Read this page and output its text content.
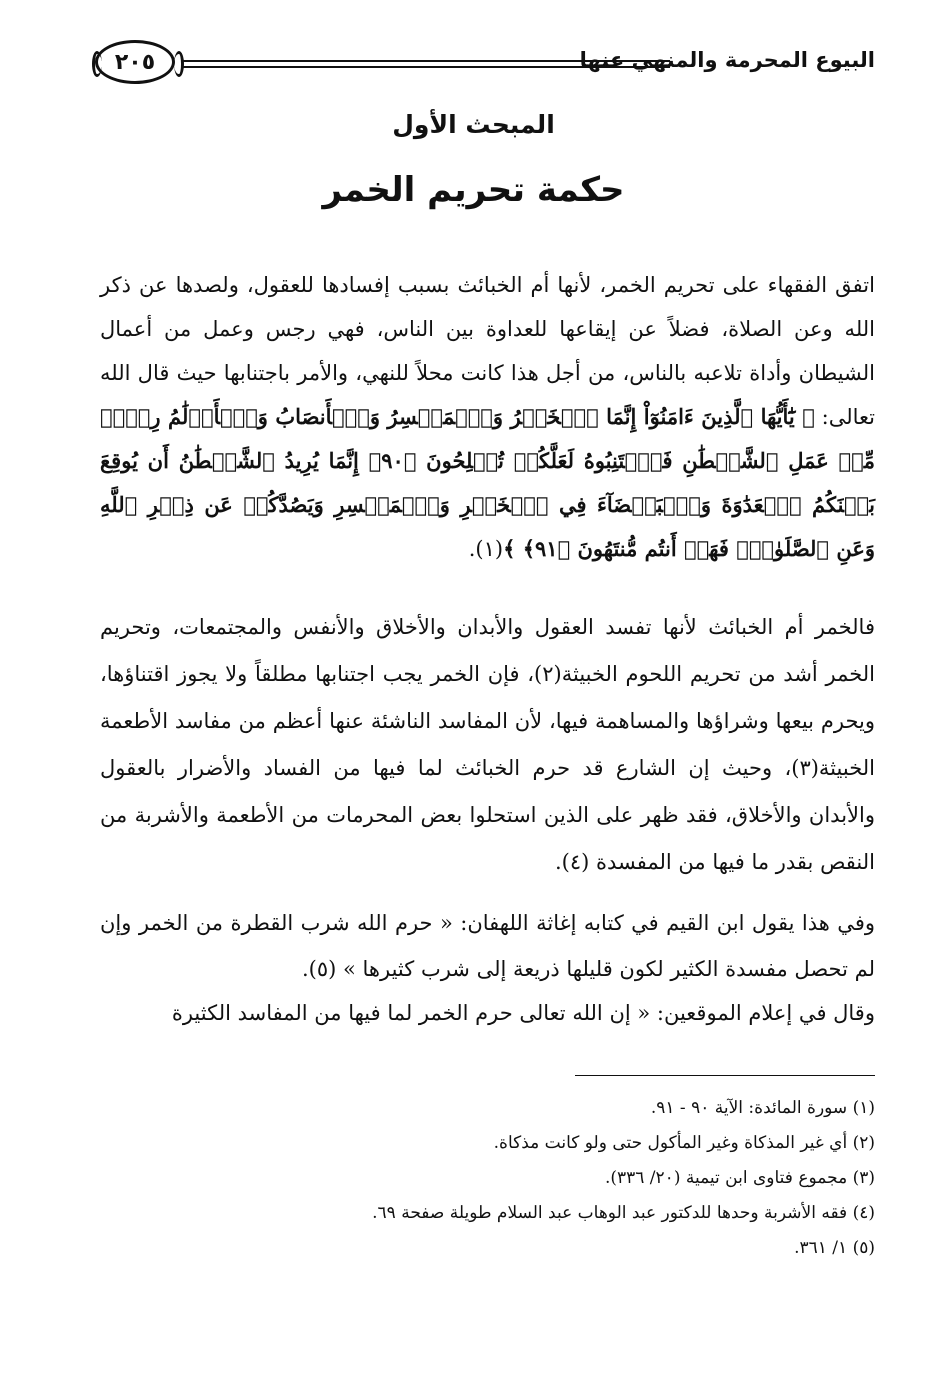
٢٠٥	البيوع المحرمة والمنهي عنها
المبحث الأول
حكمة تحريم الخمر
اتفق الفقهاء على تحريم الخمر، لأنها أم الخبائث بسبب إفسادها للعقول، ولصدها عن ذكر الله وعن الصلاة، فضلاً عن إيقاعها للعداوة بين الناس، فهي رجس وعمل من أعمال الشيطان وأداة تلاعبه بالناس، من أجل هذا كانت محلاً للنهي، والأمر باجتنابها حيث قال الله تعالى: ﴿ يَٰٓأَيُّهَا ٱلَّذِينَ ءَامَنُوٓاْ إِنَّمَا ٱلۡخَمۡرُ وَٱلۡمَيۡسِرُ وَٱلۡأَنصَابُ وَٱلۡأَزۡلَٰمُ رِجۡسٞ مِّنۡ عَمَلِ ٱلشَّيۡطَٰنِ فَٱجۡتَنِبُوهُ لَعَلَّكُمۡ تُفۡلِحُونَ ﴿٩٠﴾ إِنَّمَا يُرِيدُ ٱلشَّيۡطَٰنُ أَن يُوقِعَ بَيۡنَكُمُ ٱلۡعَدَٰوَةَ وَٱلۡبَغۡضَآءَ فِي ٱلۡخَمۡرِ وَٱلۡمَيۡسِرِ وَيَصُدَّكُمۡ عَن ذِكۡرِ ٱللَّهِ وَعَنِ ٱلصَّلَوٰةِۖ فَهَلۡ أَنتُم مُّنتَهُونَ ﴿٩١﴾ ﴾(١).
فالخمر أم الخبائث لأنها تفسد العقول والأبدان والأخلاق والأنفس والمجتمعات، وتحريم الخمر أشد من تحريم اللحوم الخبيثة(٢)، فإن الخمر يجب اجتنابها مطلقاً ولا يجوز اقتناؤها، ويحرم بيعها وشراؤها والمساهمة فيها، لأن المفاسد الناشئة عنها أعظم من مفاسد الأطعمة الخبيثة(٣)، وحيث إن الشارع قد حرم الخبائث لما فيها من الفساد والأضرار بالعقول والأبدان والأخلاق، فقد ظهر على الذين استحلوا بعض المحرمات من الأطعمة والأشربة من النقص بقدر ما فيها من المفسدة (٤).
وفي هذا يقول ابن القيم في كتابه إغاثة اللهفان: « حرم الله شرب القطرة من الخمر وإن لم تحصل مفسدة الكثير لكون قليلها ذريعة إلى شرب كثيرها » (٥).
وقال في إعلام الموقعين: « إن الله تعالى حرم الخمر لما فيها من المفاسد الكثيرة
(١) سورة المائدة: الآية ٩٠ - ٩١.
(٢) أي غير المذكاة وغير المأكول حتى ولو كانت مذكاة.
(٣) مجموع فتاوى ابن تيمية (٢٠/ ٣٣٦).
(٤) فقه الأشربة وحدها للدكتور عبد الوهاب عبد السلام طويلة صفحة ٦٩.
(٥) ١/ ٣٦١.
